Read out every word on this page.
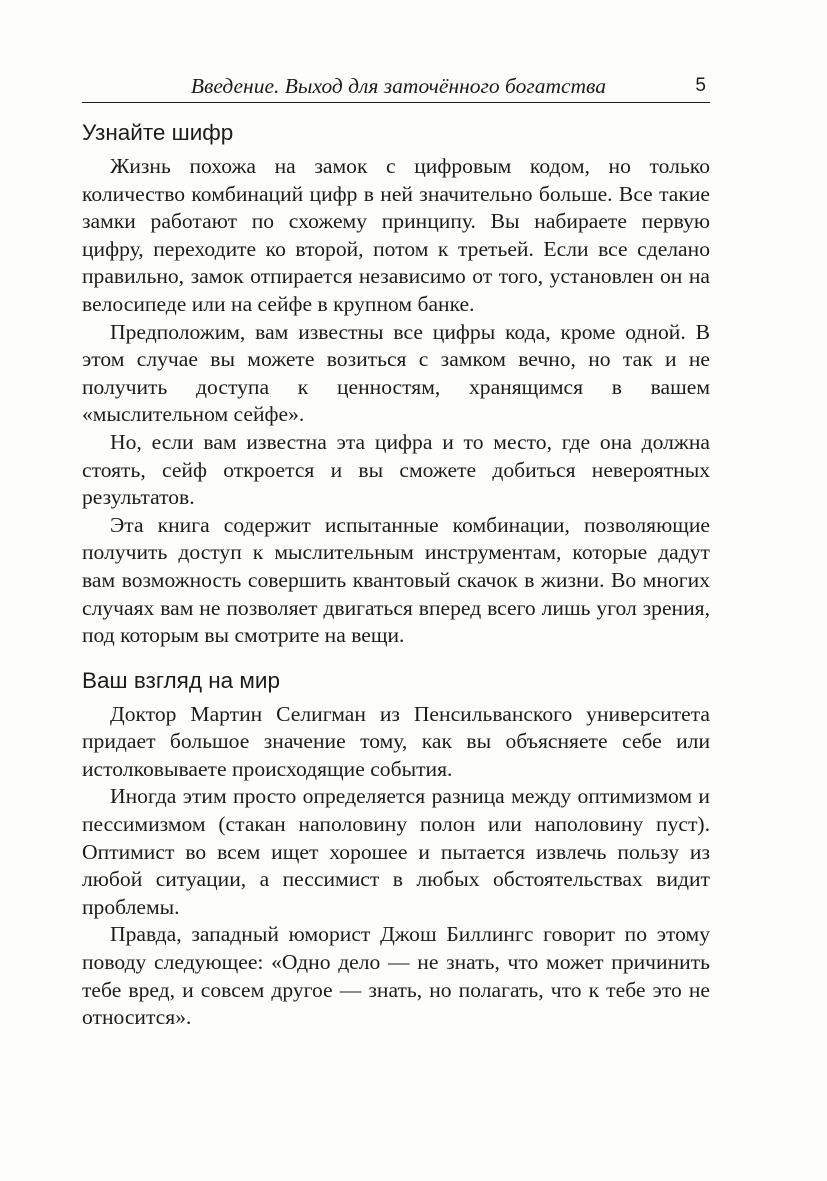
Введение. Выход для заточённого богатства	5
Узнайте шифр

Жизнь похожа на замок с цифровым кодом, но только количество комбинаций цифр в ней значительно больше. Все такие замки работают по схожему принципу. Вы набираете первую цифру, переходите ко второй, потом к третьей. Если все сделано правильно, замок отпирается независимо от того, установлен он на велосипеде или на сейфе в крупном банке.

Предположим, вам известны все цифры кода, кроме одной. В этом случае вы можете возиться с замком вечно, но так и не получить доступа к ценностям, хранящимся в вашем «мыслительном сейфе».

Но, если вам известна эта цифра и то место, где она должна стоять, сейф откроется и вы сможете добиться невероятных результатов.

Эта книга содержит испытанные комбинации, позволяющие получить доступ к мыслительным инструментам, которые дадут вам возможность совершить квантовый скачок в жизни. Во многих случаях вам не позволяет двигаться вперед всего лишь угол зрения, под которым вы смотрите на вещи.

Ваш взгляд на мир

Доктор Мартин Селигман из Пенсильванского университета придает большое значение тому, как вы объясняете себе или истолковываете происходящие события.

Иногда этим просто определяется разница между оптимизмом и пессимизмом (стакан наполовину полон или наполовину пуст). Оптимист во всем ищет хорошее и пытается извлечь пользу из любой ситуации, а пессимист в любых обстоятельствах видит проблемы.

Правда, западный юморист Джош Биллингс говорит по этому поводу следующее: «Одно дело — не знать, что может причинить тебе вред, и совсем другое — знать, но полагать, что к тебе это не относится».
